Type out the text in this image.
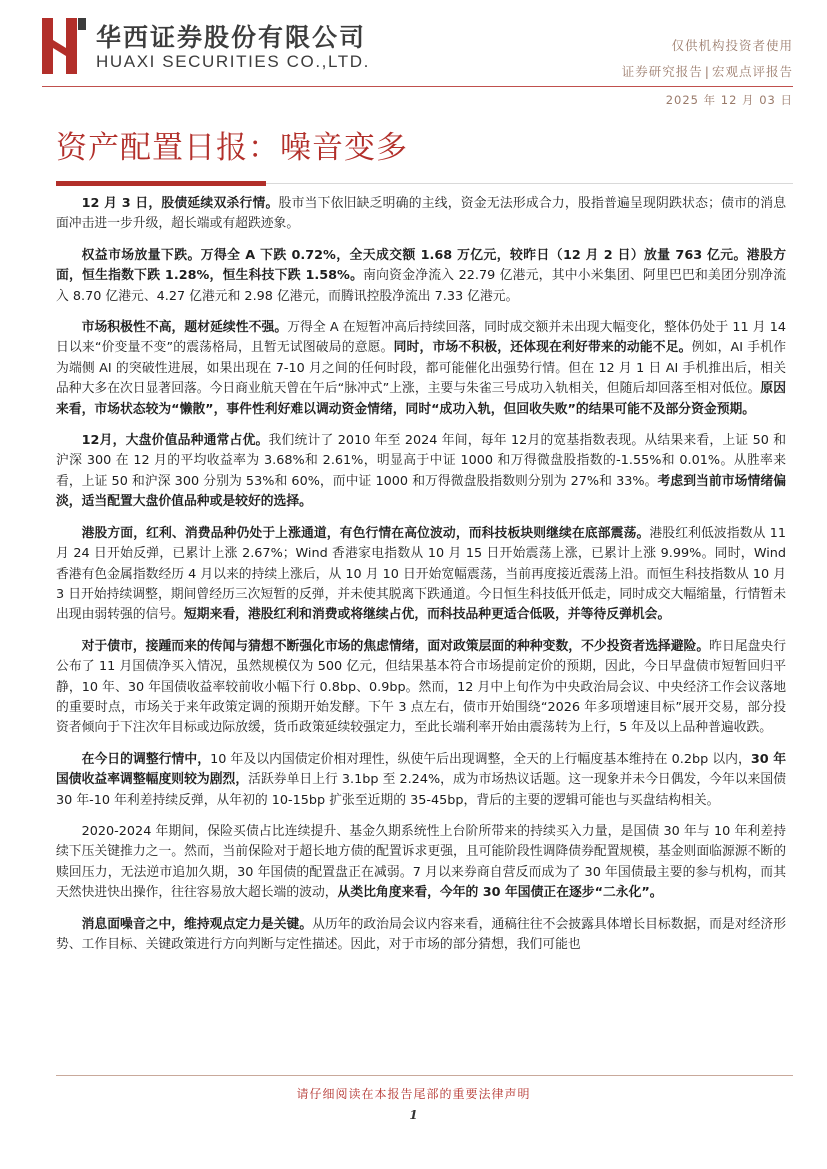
华西证券股份有限公司
HUAXI SECURITIES CO.,LTD.
仅供机构投资者使用
证券研究报告 | 宏观点评报告
2025 年 12 月 03 日
资产配置日报：噪音变多

12 月 3 日，股债延续双杀行情。股市当下依旧缺乏明确的主线，资金无法形成合力，股指普遍呈现阴跌状态；债市的消息面冲击进一步升级，超长端或有超跌迹象。

权益市场放量下跌。万得全 A 下跌 0.72%，全天成交额 1.68 万亿元，较昨日（12 月 2 日）放量 763 亿元。港股方面，恒生指数下跌 1.28%，恒生科技下跌 1.58%。南向资金净流入 22.79 亿港元，其中小米集团、阿里巴巴和美团分别净流入 8.70 亿港元、4.27 亿港元和 2.98 亿港元，而腾讯控股净流出 7.33 亿港元。

市场积极性不高，题材延续性不强。万得全 A 在短暂冲高后持续回落，同时成交额并未出现大幅变化，整体仍处于 11 月 14 日以来“价变量不变”的震荡格局，且暂无试图破局的意愿。同时，市场不积极，还体现在利好带来的动能不足。例如，AI 手机作为端侧 AI 的突破性进展，如果出现在 7-10 月之间的任何时段，都可能催化出强势行情。但在 12 月 1 日 AI 手机推出后，相关品种大多在次日显著回落。今日商业航天曾在午后“脉冲式”上涨，主要与朱雀三号成功入轨相关，但随后却回落至相对低位。原因来看，市场状态较为“懒散”，事件性利好难以调动资金情绪，同时“成功入轨，但回收失败”的结果可能不及部分资金预期。

12月，大盘价值品种通常占优。我们统计了 2010 年至 2024 年间，每年 12月的宽基指数表现。从结果来看，上证 50 和沪深 300 在 12 月的平均收益率为 3.68%和 2.61%，明显高于中证 1000 和万得微盘股指数的-1.55%和 0.01%。从胜率来看，上证 50 和沪深 300 分别为 53%和 60%，而中证 1000 和万得微盘股指数则分别为 27%和 33%。考虑到当前市场情绪偏淡，适当配置大盘价值品种或是较好的选择。

港股方面，红利、消费品种仍处于上涨通道，有色行情在高位波动，而科技板块则继续在底部震荡。港股红利低波指数从 11 月 24 日开始反弹，已累计上涨 2.67%；Wind 香港家电指数从 10 月 15 日开始震荡上涨，已累计上涨 9.99%。同时，Wind 香港有色金属指数经历 4 月以来的持续上涨后，从 10 月 10 日开始宽幅震荡，当前再度接近震荡上沿。而恒生科技指数从 10 月 3 日开始持续调整，期间曾经历三次短暂的反弹，并未使其脱离下跌通道。今日恒生科技低开低走，同时成交大幅缩量，行情暂未出现由弱转强的信号。短期来看，港股红利和消费或将继续占优，而科技品种更适合低吸，并等待反弹机会。

对于债市，接踵而来的传闻与猜想不断强化市场的焦虑情绪，面对政策层面的种种变数，不少投资者选择避险。昨日尾盘央行公布了 11 月国债净买入情况，虽然规模仅为 500 亿元，但结果基本符合市场提前定价的预期，因此，今日早盘债市短暂回归平静，10 年、30 年国债收益率较前收小幅下行 0.8bp、0.9bp。然而，12 月中上旬作为中央政治局会议、中央经济工作会议落地的重要时点，市场关于来年政策定调的预期开始发酵。下午 3 点左右，债市开始围绕“2026 年多项增速目标”展开交易，部分投资者倾向于下注次年目标或边际放缓，货币政策延续较强定力，至此长端利率开始由震荡转为上行，5 年及以上品种普遍收跌。

在今日的调整行情中，10 年及以内国债定价相对理性，纵使午后出现调整，全天的上行幅度基本维持在 0.2bp 以内，30 年国债收益率调整幅度则较为剧烈，活跃券单日上行 3.1bp 至 2.24%，成为市场热议话题。这一现象并未今日偶发，今年以来国债 30 年-10 年利差持续反弹，从年初的 10-15bp 扩张至近期的 35-45bp，背后的主要的逻辑可能也与买盘结构相关。

2020-2024 年期间，保险买债占比连续提升、基金久期系统性上台阶所带来的持续买入力量，是国债 30 年与 10 年利差持续下压关键推力之一。然而，当前保险对于超长地方债的配置诉求更强，且可能阶段性调降债券配置规模，基金则面临源源不断的赎回压力，无法逆市追加久期，30 年国债的配置盘正在减弱。7 月以来券商自营反而成为了 30 年国债最主要的参与机构，而其天然快进快出操作，往往容易放大超长端的波动，从类比角度来看，今年的 30 年国债正在逐步“二永化”。

消息面噪音之中，维持观点定力是关键。从历年的政治局会议内容来看，通稿往往不会披露具体增长目标数据，而是对经济形势、工作目标、关键政策进行方向判断与定性描述。因此，对于市场的部分猜想，我们可能也

请仔细阅读在本报告尾部的重要法律声明
1
